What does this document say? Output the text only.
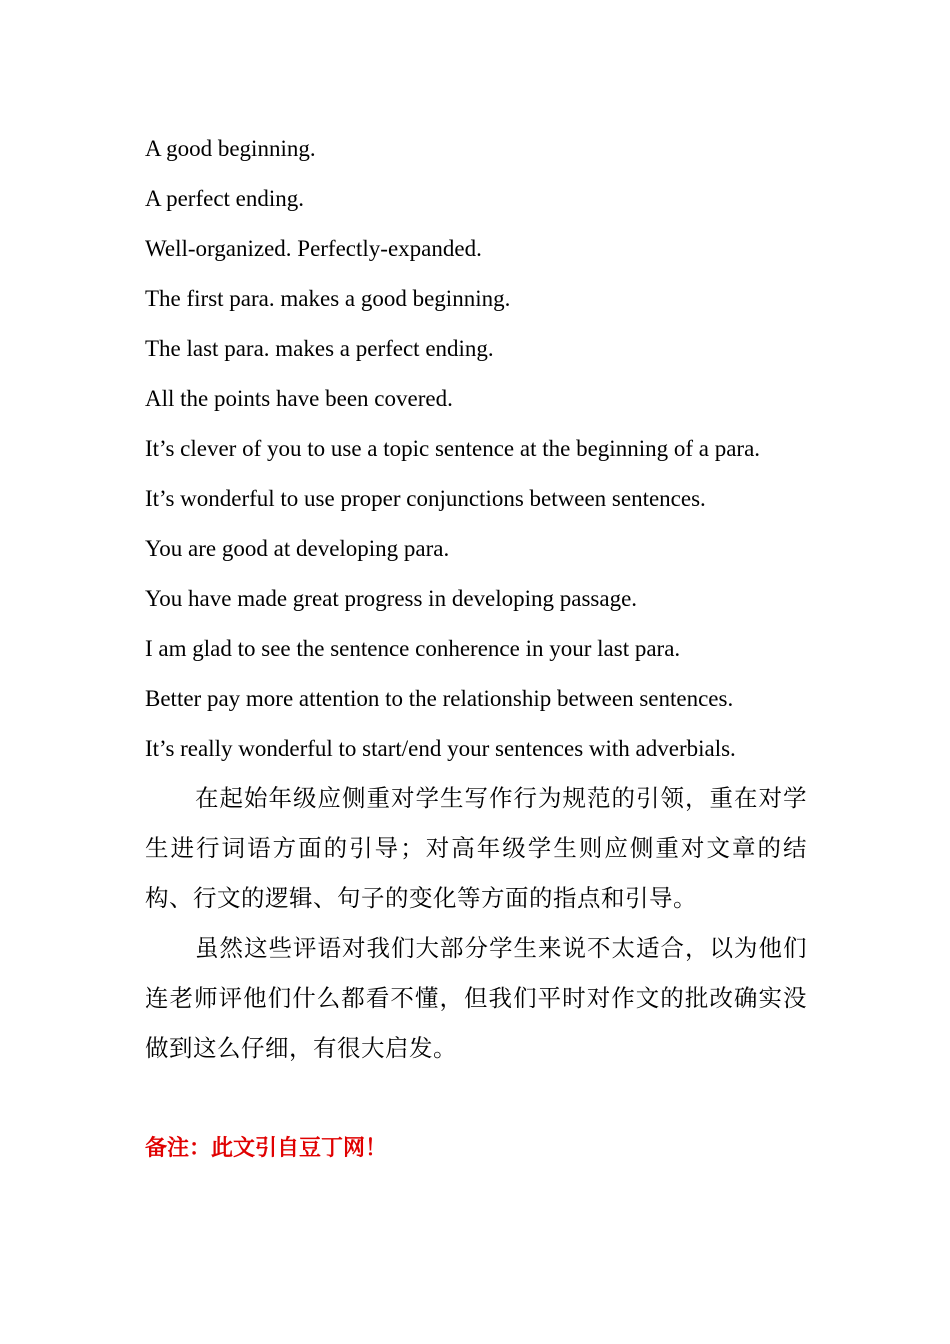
A good beginning.
A perfect ending.
Well-organized. Perfectly-expanded.
The first para. makes a good beginning.
The last para. makes a perfect ending.
All the points have been covered.
It’s clever of you to use a topic sentence at the beginning of a para.
It’s wonderful to use proper conjunctions between sentences.
You are good at developing para.
You have made great progress in developing passage.
I am glad to see the sentence conherence in your last para.
Better pay more attention to the relationship between sentences.
It’s really wonderful to start/end your sentences with adverbials.

在起始年级应侧重对学生写作行为规范的引领，重在对学生进行词语方面的引导；对高年级学生则应侧重对文章的结构、行文的逻辑、句子的变化等方面的指点和引导。

虽然这些评语对我们大部分学生来说不太适合，以为他们连老师评他们什么都看不懂，但我们平时对作文的批改确实没做到这么仔细，有很大启发。

备注：此文引自豆丁网！
